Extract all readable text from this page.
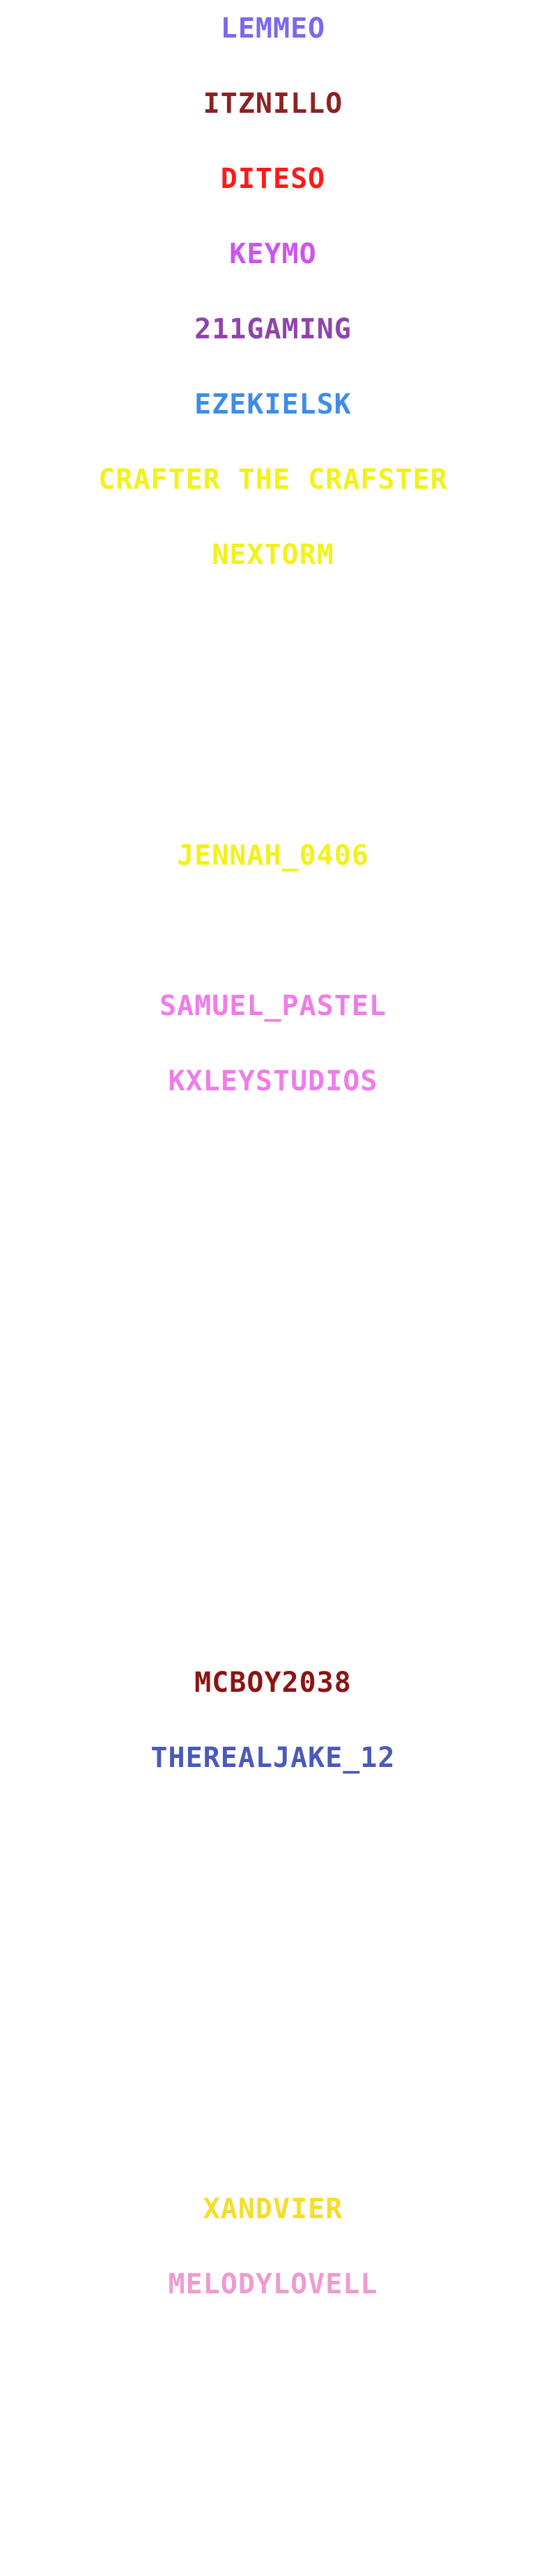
LEMMEO
ITZNILLO
DITESO
KEYMO
211GAMING
EZEKIELSK
CRAFTER THE CRAFSTER
NEXTORM
JENNAH_0406
SAMUEL_PASTEL
KXLEYSTUDIOS
MCBOY2038
THEREALJAKE_12
XANDVIER
MELODYLOVELL
